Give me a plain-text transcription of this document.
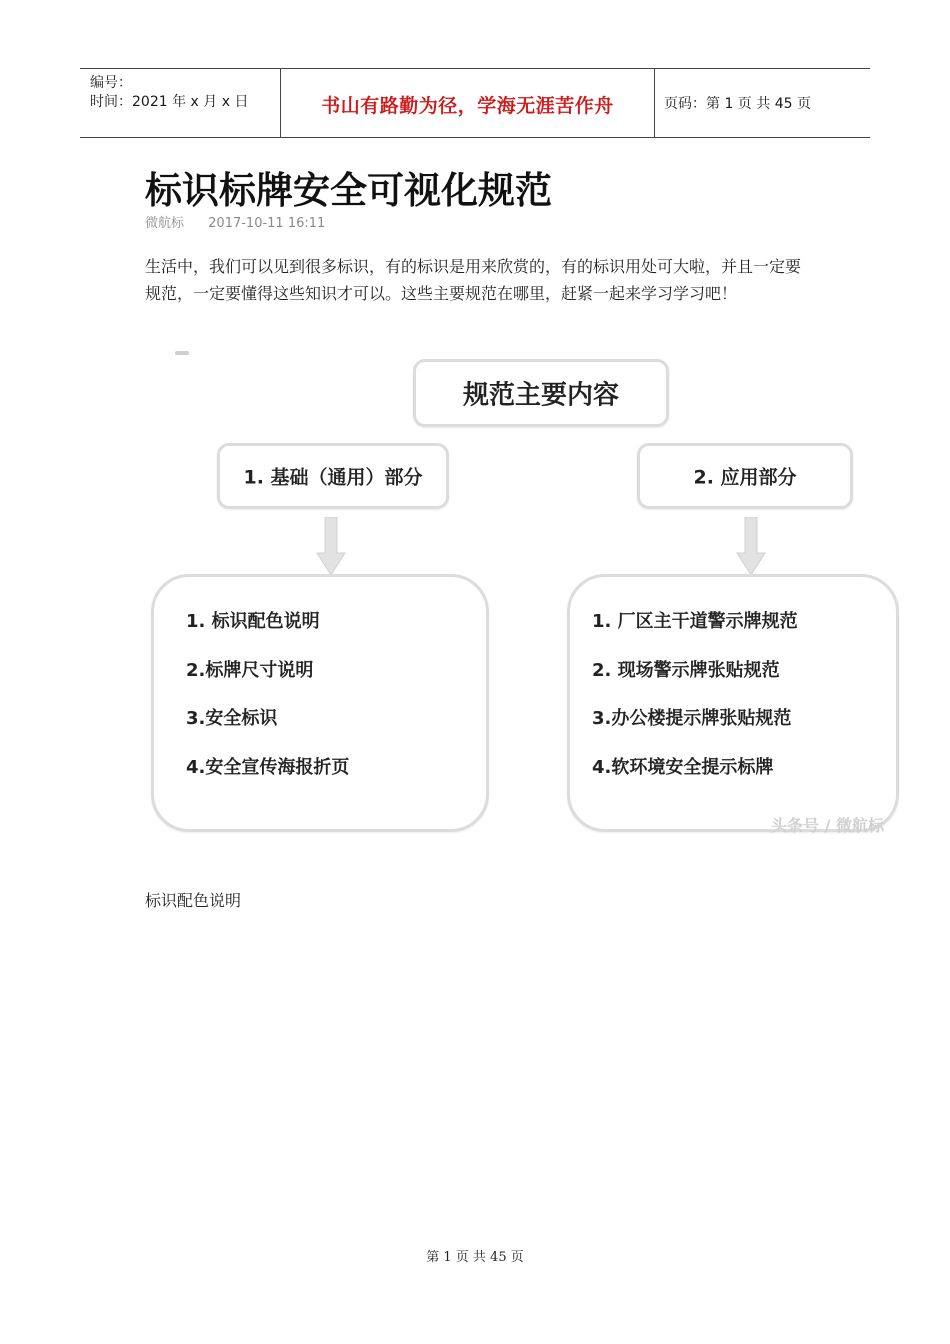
编号：
时间：2021 年 x 月 x 日	书山有路勤为径，学海无涯苦作舟	页码：第 1 页 共 45 页
标识标牌安全可视化规范
微航标 2017-10-11 16:11
生活中，我们可以见到很多标识，有的标识是用来欣赏的，有的标识用处可大啦，并且一定要规范，一定要懂得这些知识才可以。这些主要规范在哪里，赶紧一起来学习学习吧！
规范主要内容
1. 基础（通用）部分	2. 应用部分
1. 标识配色说明
2.标牌尺寸说明
3.安全标识
4.安全宣传海报折页
1. 厂区主干道警示牌规范
2. 现场警示牌张贴规范
3.办公楼提示牌张贴规范
4.软环境安全提示标牌
头条号 / 微航标
标识配色说明
第 1 页 共 45 页
